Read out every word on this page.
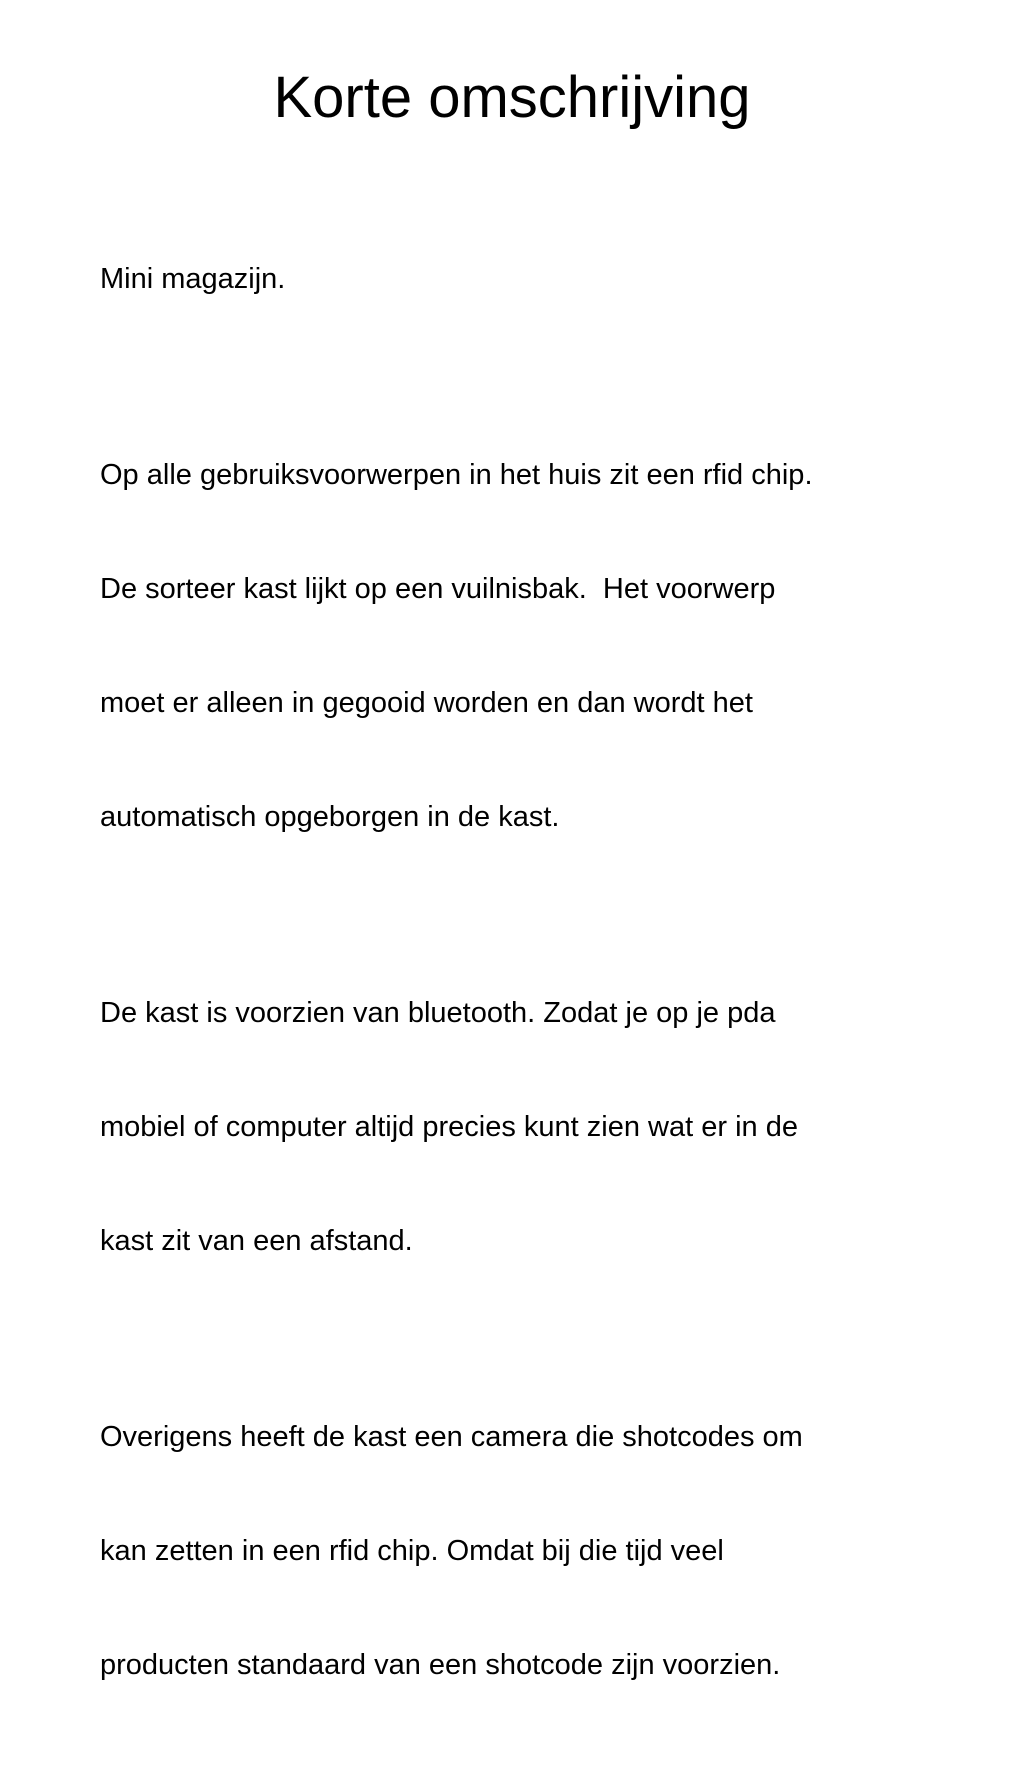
Korte omschrijving

Mini magazijn.

Op alle gebruiksvoorwerpen in het huis zit een rfid chip.

De sorteer kast lijkt op een vuilnisbak.  Het voorwerp

moet er alleen in gegooid worden en dan wordt het

automatisch opgeborgen in de kast.

De kast is voorzien van bluetooth. Zodat je op je pda

mobiel of computer altijd precies kunt zien wat er in de

kast zit van een afstand.

Overigens heeft de kast een camera die shotcodes om

kan zetten in een rfid chip. Omdat bij die tijd veel

producten standaard van een shotcode zijn voorzien.
